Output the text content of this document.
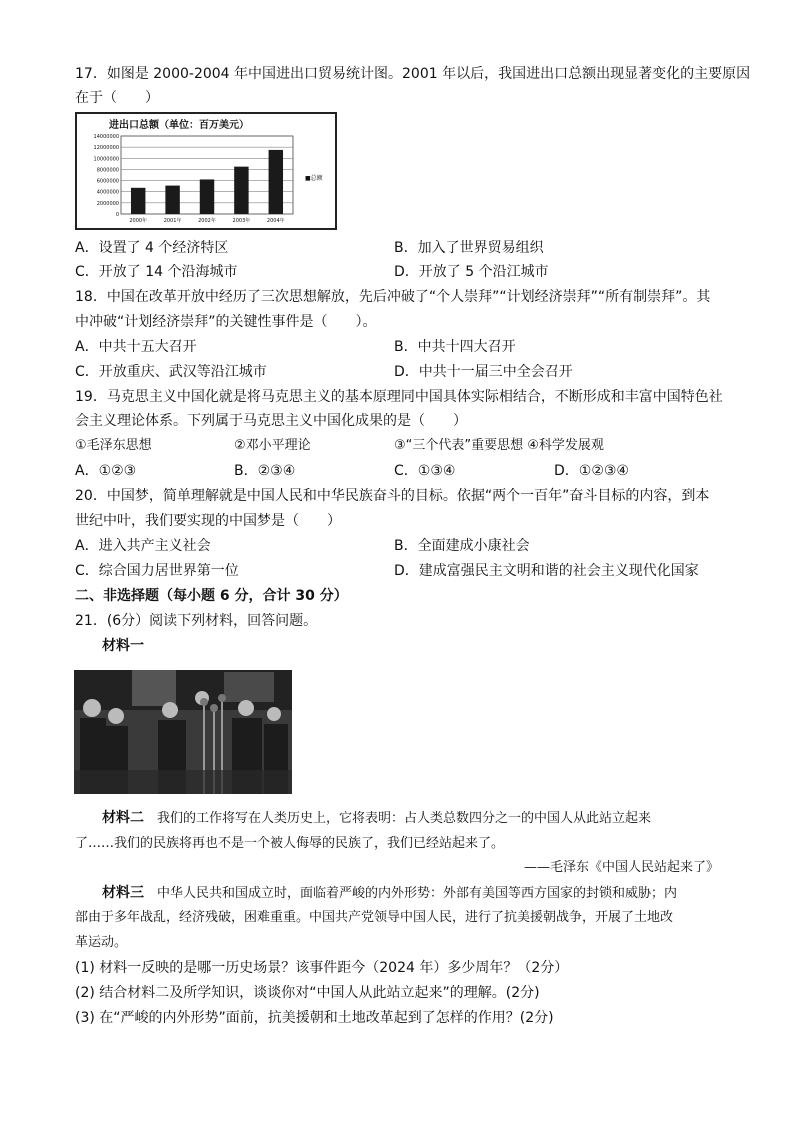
17．如图是 2000-2004 年中国进出口贸易统计图。2001 年以后，我国进出口总额出现显著变化的主要原因
在于（　　）
进出口总额（单位：百万美元）
14000000
12000000
10000000
8000000
6000000
4000000
2000000
0
2000年	2001年	2002年	2003年	2004年
■总额
A．设置了 4 个经济特区	B．加入了世界贸易组织
C．开放了 14 个沿海城市	D．开放了 5 个沿江城市
18．中国在改革开放中经历了三次思想解放，先后冲破了“个人崇拜”“计划经济崇拜”“所有制崇拜”。其
中冲破“计划经济崇拜”的关键性事件是（　　）。
A．中共十五大召开	B．中共十四大召开
C．开放重庆、武汉等沿江城市	D．中共十一届三中全会召开
19．马克思主义中国化就是将马克思主义的基本原理同中国具体实际相结合，不断形成和丰富中国特色社
会主义理论体系。下列属于马克思主义中国化成果的是（　　）
①毛泽东思想	②邓小平理论	③“三个代表”重要思想 ④科学发展观
A．①②③	B．②③④	C．①③④	D．①②③④
20．中国梦，简单理解就是中国人民和中华民族奋斗的目标。依据“两个一百年”奋斗目标的内容，到本
世纪中叶，我们要实现的中国梦是（　　）
A．进入共产主义社会	B．全面建成小康社会
C．综合国力居世界第一位	D．建成富强民主文明和谐的社会主义现代化国家
二、非选择题（每小题 6 分，合计 30 分）
21．(6分）阅读下列材料，回答问题。
材料一
材料二　我们的工作将写在人类历史上，它将表明：占人类总数四分之一的中国人从此站立起来
了……我们的民族将再也不是一个被人侮辱的民族了，我们已经站起来了。
——毛泽东《中国人民站起来了》
材料三　中华人民共和国成立时，面临着严峻的内外形势：外部有美国等西方国家的封锁和威胁；内
部由于多年战乱，经济残破，困难重重。中国共产党领导中国人民，进行了抗美援朝战争，开展了土地改
革运动。
(1) 材料一反映的是哪一历史场景？该事件距今（2024 年）多少周年？（2分）
(2) 结合材料二及所学知识，谈谈你对“中国人从此站立起来”的理解。(2分)
(3) 在“严峻的内外形势”面前，抗美援朝和土地改革起到了怎样的作用？(2分)
